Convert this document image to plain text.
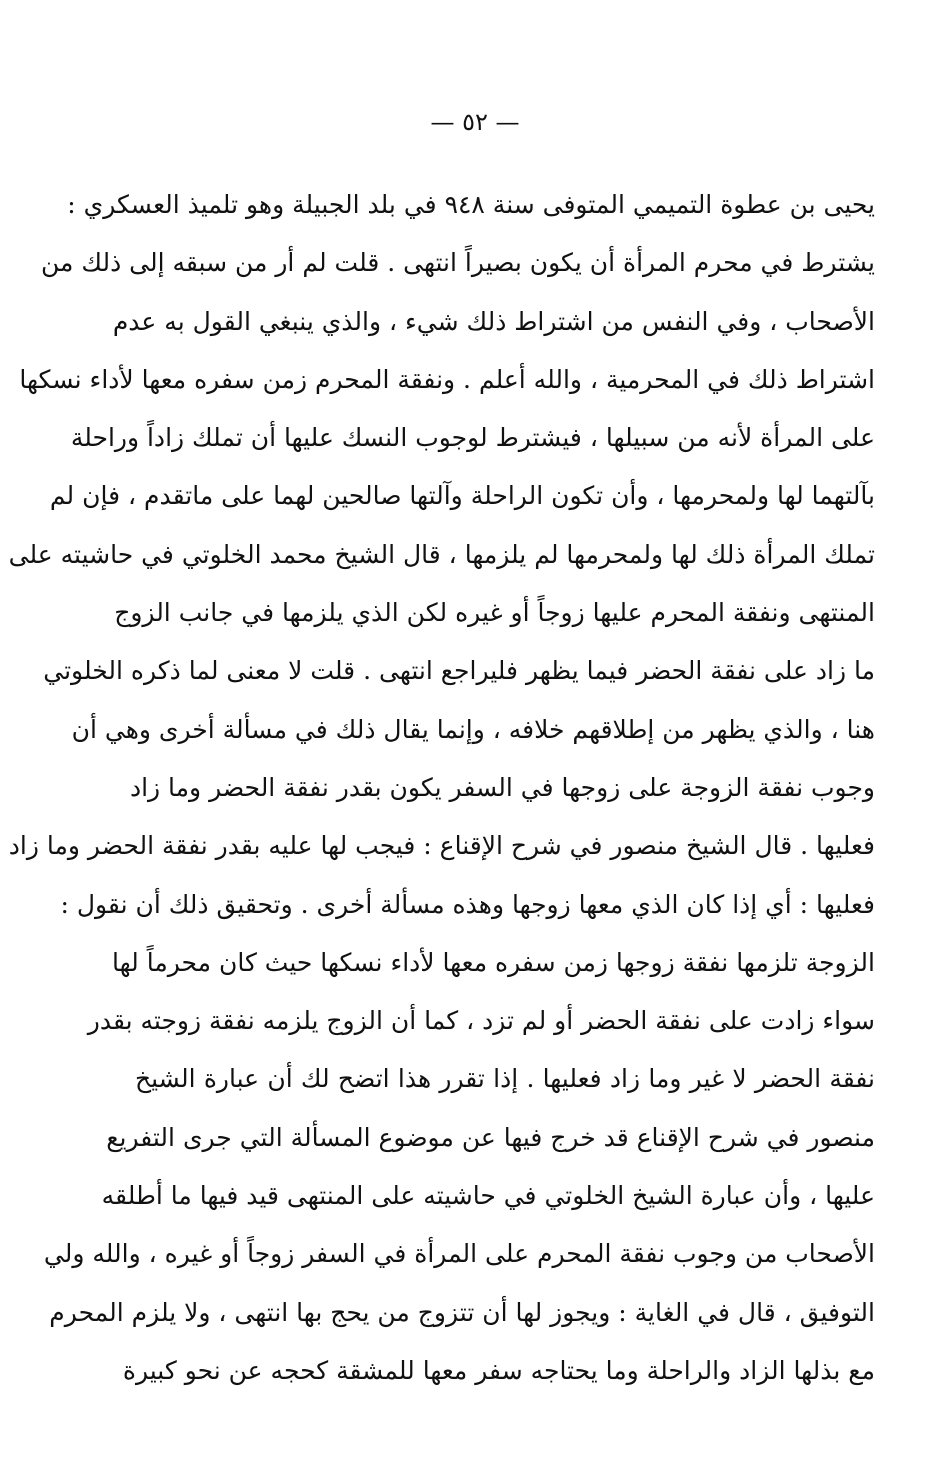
— ٥٢ —
يحيى بن عطوة التميمي المتوفى سنة ٩٤٨ في بلد الجبيلة وهو تلميذ العسكري :
يشترط في محرم المرأة أن يكون بصيراً انتهى . قلت لم أر من سبقه إلى ذلك من
الأصحاب ، وفي النفس من اشتراط ذلك شيء ، والذي ينبغي القول به عدم
اشتراط ذلك في المحرمية ، والله أعلم . ونفقة المحرم زمن سفره معها لأداء نسكها
على المرأة لأنه من سبيلها ، فيشترط لوجوب النسك عليها أن تملك زاداً وراحلة
بآلتهما لها ولمحرمها ، وأن تكون الراحلة وآلتها صالحين لهما على ماتقدم ، فإن لم
تملك المرأة ذلك لها ولمحرمها لم يلزمها ، قال الشيخ محمد الخلوتي في حاشيته على
المنتهى ونفقة المحرم عليها زوجاً أو غيره لكن الذي يلزمها في جانب الزوج
ما زاد على نفقة الحضر فيما يظهر فليراجع انتهى . قلت لا معنى لما ذكره الخلوتي
هنا ، والذي يظهر من إطلاقهم خلافه ، وإنما يقال ذلك في مسألة أخرى وهي أن
وجوب نفقة الزوجة على زوجها في السفر يكون بقدر نفقة الحضر وما زاد
فعليها . قال الشيخ منصور في شرح الإقناع : فيجب لها عليه بقدر نفقة الحضر وما زاد
فعليها : أي إذا كان الذي معها زوجها وهذه مسألة أخرى . وتحقيق ذلك أن نقول :
الزوجة تلزمها نفقة زوجها زمن سفره معها لأداء نسكها حيث كان محرماً لها
سواء زادت على نفقة الحضر أو لم تزد ، كما أن الزوج يلزمه نفقة زوجته بقدر
نفقة الحضر لا غير وما زاد فعليها . إذا تقرر هذا اتضح لك أن عبارة الشيخ
منصور في شرح الإقناع قد خرج فيها عن موضوع المسألة التي جرى التفريع
عليها ، وأن عبارة الشيخ الخلوتي في حاشيته على المنتهى قيد فيها ما أطلقه
الأصحاب من وجوب نفقة المحرم على المرأة في السفر زوجاً أو غيره ، والله ولي
التوفيق ، قال في الغاية : ويجوز لها أن تتزوج من يحج بها انتهى ، ولا يلزم المحرم
مع بذلها الزاد والراحلة وما يحتاجه سفر معها للمشقة كحجه عن نحو كبيرة
